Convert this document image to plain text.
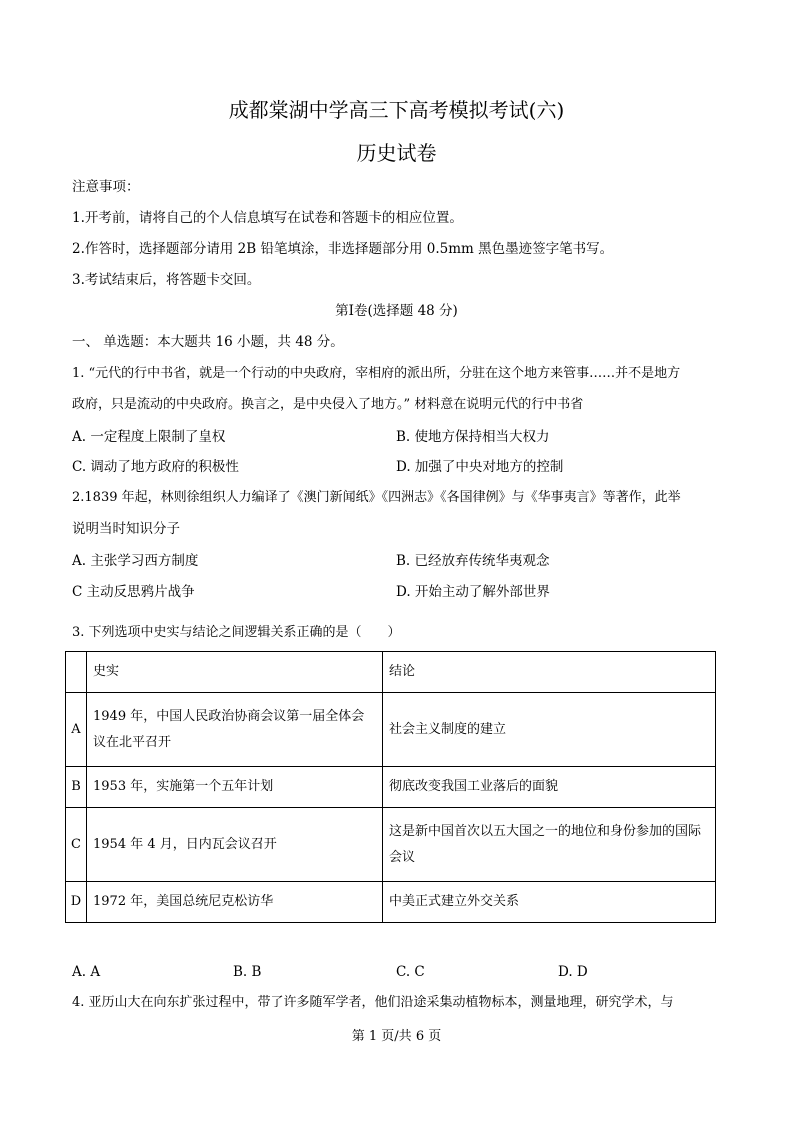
成都棠湖中学高三下高考模拟考试(六)
历史试卷
注意事项：
1.开考前，请将自己的个人信息填写在试卷和答题卡的相应位置。
2.作答时，选择题部分请用 2B 铅笔填涂，非选择题部分用 0.5mm 黑色墨迹签字笔书写。
3.考试结束后，将答题卡交回。
第Ⅰ卷(选择题 48 分)
一、 单选题：本大题共 16 小题，共 48 分。
1. “元代的行中书省，就是一个行动的中央政府，宰相府的派出所，分驻在这个地方来管事……并不是地方
政府，只是流动的中央政府。换言之，是中央侵入了地方。” 材料意在说明元代的行中书省
A. 一定程度上限制了皇权	B. 使地方保持相当大权力
C. 调动了地方政府的积极性	D. 加强了中央对地方的控制
2.1839 年起，林则徐组织人力编译了《澳门新闻纸》《四洲志》《各国律例》与《华事夷言》等著作，此举
说明当时知识分子
A. 主张学习西方制度	B. 已经放弃传统华夷观念
C 主动反思鸦片战争	D. 开始主动了解外部世界
3. 下列选项中史实与结论之间逻辑关系正确的是（　　）
	史实	结论
A	1949 年，中国人民政治协商会议第一届全体会议在北平召开	社会主义制度的建立
B	1953 年，实施第一个五年计划	彻底改变我国工业落后的面貌
C	1954 年 4 月，日内瓦会议召开	这是新中国首次以五大国之一的地位和身份参加的国际会议
D	1972 年，美国总统尼克松访华	中美正式建立外交关系
A. A	B. B	C. C	D. D
4. 亚历山大在向东扩张过程中，带了许多随军学者，他们沿途采集动植物标本，测量地理，研究学术，与
第 1 页/共 6 页
